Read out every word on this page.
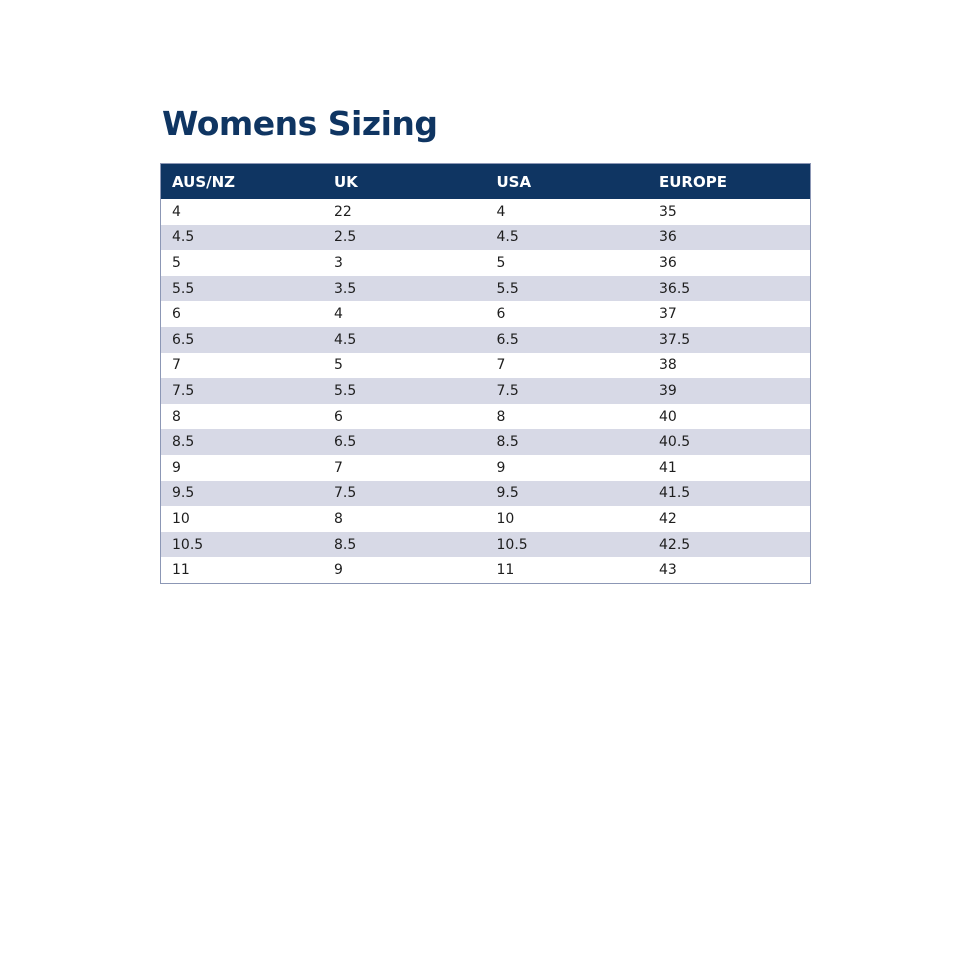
Womens Sizing
AUS/NZ	UK	USA	EUROPE
4	22	4	35
4.5	2.5	4.5	36
5	3	5	36
5.5	3.5	5.5	36.5
6	4	6	37
6.5	4.5	6.5	37.5
7	5	7	38
7.5	5.5	7.5	39
8	6	8	40
8.5	6.5	8.5	40.5
9	7	9	41
9.5	7.5	9.5	41.5
10	8	10	42
10.5	8.5	10.5	42.5
11	9	11	43
